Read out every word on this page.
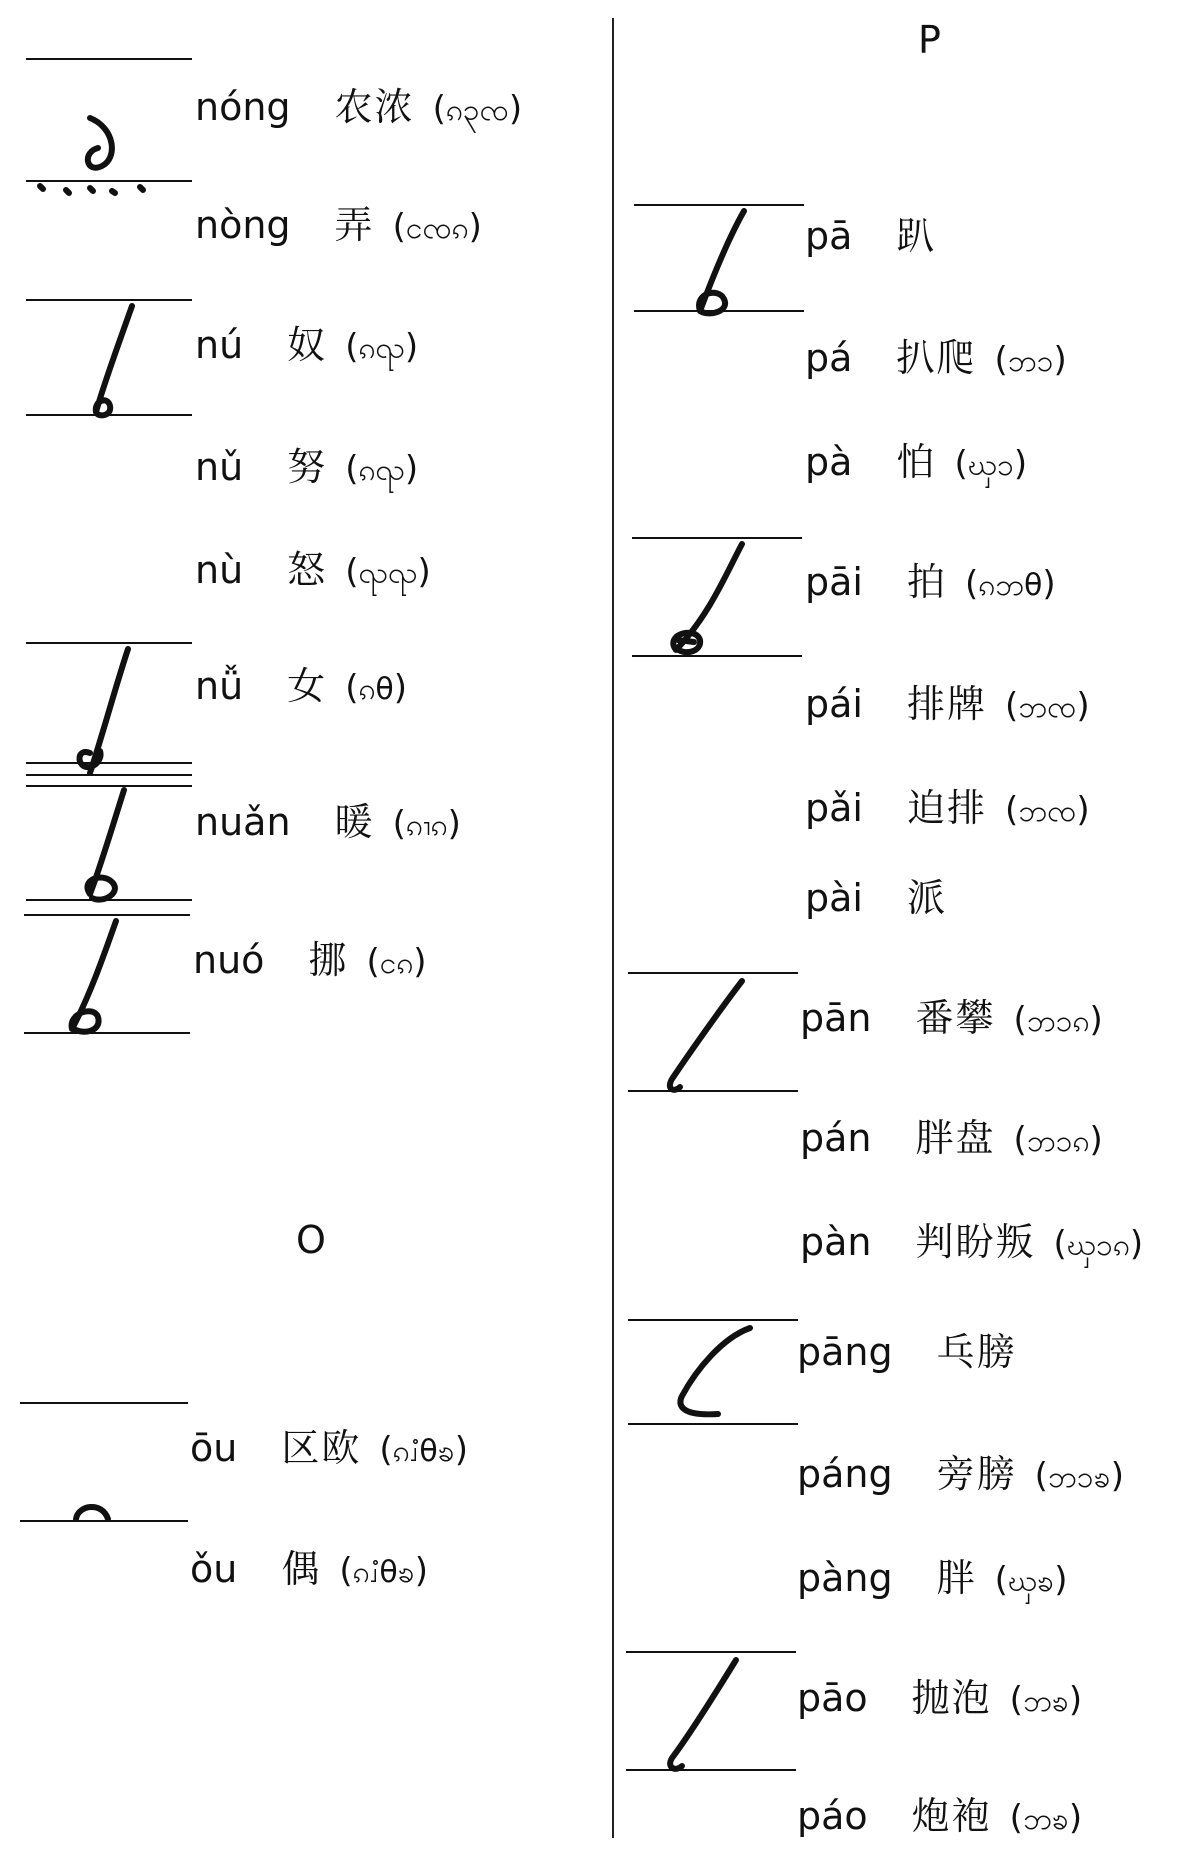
nóng 农浓 (ၵ၃ၸ)
nòng 弄 (ငၸၵ)
nú 奴 (ၵၺ)
nǔ 努 (ၵၺ)
nù 怒 (ၺၺ)
nǚ 女 (ၵθ)
nuǎn 暖 (ၵၢၵ)
nuó 挪 (ငၵ)
O
ōu 区欧 (ၵၨθၶ)
ǒu 偶 (ၵၨθၶ)
P
pā 趴
pá 扒爬 (ဘၥ)
pà 怕 (ၰၥ)
pāi 拍 (ၵဘθ)
pái 排牌 (ဘၸ)
pǎi 迫排 (ဘၸ)
pài 派
pān 番攀 (ဘၥၵ)
pán 胖盘 (ဘၥၵ)
pàn 判盼叛 (ၰၥၵ)
pāng 乓膀
páng 旁膀 (ဘၥၶ)
pàng 胖 (ၰၶ)
pāo 抛泡 (ဘၶ)
páo 炮袍 (ဘၶ)
